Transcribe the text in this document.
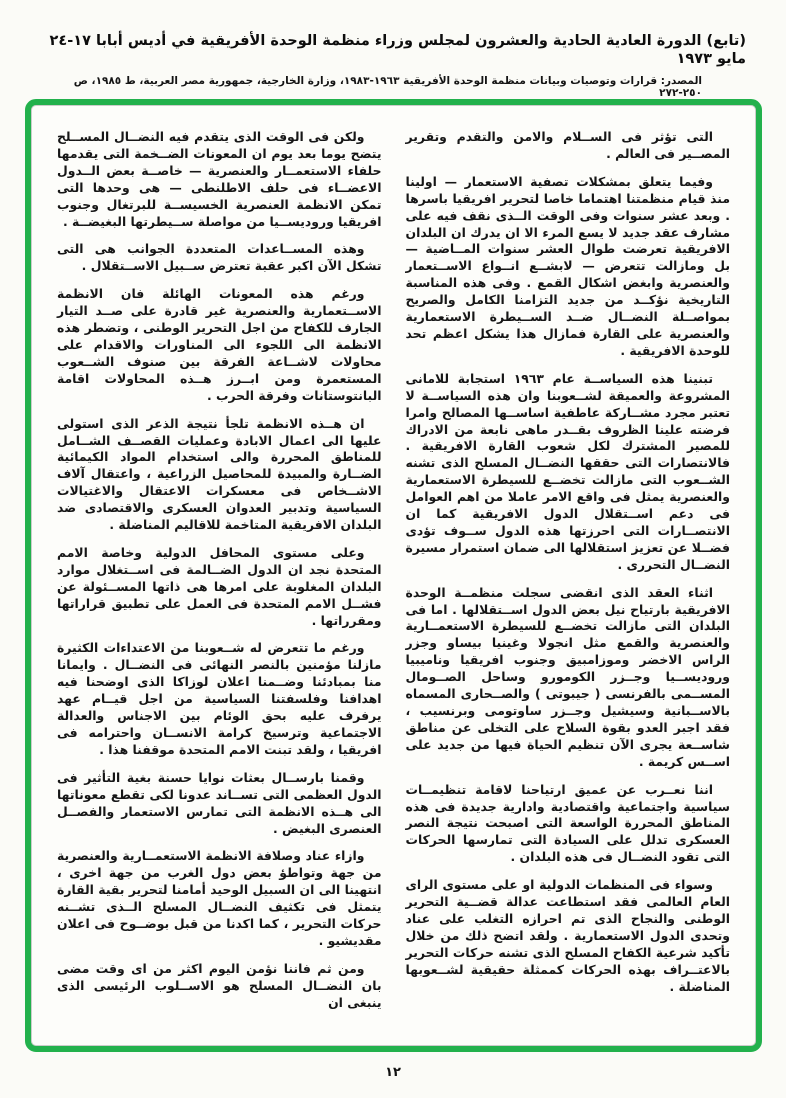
(تابع) الدورة العادية الحادية والعشرون لمجلس وزراء منظمة الوحدة الأفريقية في أديس أبابا ١٧-٢٤ مايو ١٩٧٣
المصدر: قرارات وتوصيات وبيانات منظمة الوحدة الأفريقية ١٩٦٣-١٩٨٣، وزارة الخارجية، جمهورية مصر العربية، ط ١٩٨٥، ص ٢٥٠-٢٧٢

التى تؤثر فى الســلام والامن والتقدم وتقرير المصــير فى العالم .

وفيما يتعلق بمشكلات تصفية الاستعمار — اولينا منذ قيام منظمتنا اهتماما خاصا لتحرير افريقيا باسرها . وبعد عشر سنوات وفى الوقت الــذى نقف فيه على مشارف عقد جديد لا يسع المرء الا ان يدرك ان البلدان الافريقية تعرضت طوال العشر سنوات المــاضية — بل ومازالت تتعرض — لابشــع انــواع الاســتعمار والعنصرية وابغض اشكال القمع . وفى هذه المناسبة التاريخية نؤكــد من جديد التزامنا الكامل والصريح بمواصــلة النضــال ضــد الســيطرة الاستعمارية والعنصرية على القارة فمازال هذا يشكل اعظم تحد للوحدة الافريقية .

تبنينا هذه السياســة عام ١٩٦٣ استجابة للامانى المشروعة والعميقة لشــعوبنا وان هذه السياســة لا تعتبر مجرد مشــاركة عاطفية اساســها المصالح وامرا فرضته علينا الظروف بقــدر ماهى نابعة من الادراك للمصير المشترك لكل شعوب القارة الافريقية . فالانتصارات التى حققها النضــال المسلح الذى تشنه الشــعوب التى مازالت تخضــع للسيطرة الاستعمارية والعنصرية يمثل فى واقع الامر عاملا من اهم العوامل فى دعم اســتقلال الدول الافريقية كما ان الانتصــارات التى احرزتها هذه الدول ســوف تؤدى فضــلا عن تعزيز استقلالها الى ضمان استمرار مسيرة النضــال التحررى .

اثناء العقد الذى انقضى سجلت منظمــة الوحدة الافريقية بارتياح نيل بعض الدول اســتقلالها . اما فى البلدان التى مازالت تخضــع للسيطرة الاستعمــارية والعنصرية والقمع مثل انجولا وغينيا بيساو وجزر الراس الاخضر وموزامبيق وجنوب افريقيا وناميبيا وروديســيا وجــزر الكومورو وساحل الصــومال المســمى بالفرنسى ( جيبوتى ) والصــحارى المسماه بالاســبانية وسيشيل وجــزر ساوتومى وبرنسيب ، فقد اجبر العدو بقوة السلاح على التخلى عن مناطق شاســعة يجرى الآن تنظيم الحياة فيها من جديد على اســس كريمة .

اننا نعــرب عن عميق ارتياحنا لاقامة تنظيمــات سياسية واجتماعية واقتصادية وادارية جديدة فى هذه المناطق المحررة الواسعة التى اصبحت نتيجة النصر العسكرى تدلل على السيادة التى تمارسها الحركات التى تقود النضــال فى هذه البلدان .

وسواء فى المنظمات الدولية او على مستوى الراى العام العالمى فقد استطاعت عدالة قضــية التحرير الوطنى والنجاح الذى تم احرازه التغلب على عناد وتحدى الدول الاستعمارية . ولقد اتضح ذلك من خلال تأكيد شرعية الكفاح المسلح الذى تشنه حركات التحرير بالاعتــراف بهذه الحركات كممثلة حقيقية لشــعوبها المناضلة .

ولكن فى الوقت الذى يتقدم فيه النضــال المســلح يتضح يوما بعد يوم ان المعونات الضــخمة التى يقدمها حلفاء الاستعمــار والعنصرية — خاصــة بعض الــدول الاعضــاء فى حلف الاطلنطى — هى وحدها التى تمكن الانظمة العنصرية الخسيســة للبرتغال وجنوب افريقيا وروديســيا من مواصلة ســيطرتها البغيضــة .

وهذه المســاعدات المتعددة الجوانب هى التى تشكل الآن اكبر عقبة تعترض ســبيل الاســتقلال .

ورغم هذه المعونات الهائلة فان الانظمة الاســتعمارية والعنصرية غير قادرة على صــد التيار الجارف للكفاح من اجل التحرير الوطنى ، وتضطر هذه الانظمة الى اللجوء الى المناورات والاقدام على محاولات لاشــاعة الفرقة بين صنوف الشــعوب المستعمرة ومن ابــرز هــذه المحاولات اقامة البانتوستانات وفرقة الحرب .

ان هــذه الانظمة تلجأ نتيجة الذعر الذى استولى عليها الى اعمال الابادة وعمليات القصــف الشــامل للمناطق المحررة والى استخدام المواد الكيمائية الضــارة والمبيدة للمحاصيل الزراعية ، واعتقال آلاف الاشــخاص فى معسكرات الاعتقال والاغتيالات السياسية وتدبير العدوان العسكرى والاقتصادى ضد البلدان الافريقية المتاخمة للاقاليم المناضلة .

وعلى مستوى المحافل الدولية وخاصة الامم المتحدة نجد ان الدول الضــالمة فى اســتغلال موارد البلدان المغلوبة على امرها هى ذاتها المســئولة عن فشــل الامم المتحدة فى العمل على تطبيق قراراتها ومقرراتها .

ورغم ما تتعرض له شــعوبنا من الاعتداءات الكثيرة مازلنا مؤمنين بالنصر النهائى فى النضــال . وايمانا منا بمبادئنا وضــمنا اعلان لوزاكا الذى اوضحنا فيه اهدافنا وفلسفتنا السياسية من اجل قيــام عهد يرفرف عليه بحق الوئام بين الاجناس والعدالة الاجتماعية وترسيخ كرامة الانســان واحترامه فى افريقيا ، ولقد تبنت الامم المتحدة موقفنا هذا .

وقمنا بارســال بعثات نوايا حسنة بغية التأثير فى الدول العظمى التى تســاند عدونا لكى تقطع معوناتها الى هــذه الانظمة التى تمارس الاستعمار والفصــل العنصرى البغيض .

وازاء عناد وصلافة الانظمة الاستعمــارية والعنصرية من جهة وتواطؤ بعض دول الغرب من جهة اخرى ، انتهينا الى ان السبيل الوحيد أمامنا لتحرير بقية القارة يتمثل فى تكثيف النضــال المسلح الــذى تشــنه حركات التحرير ، كما اكدنا من قبل بوضــوح فى اعلان مقديشيو .

ومن ثم فاننا نؤمن اليوم اكثر من اى وقت مضى بان النضــال المسلح هو الاســلوب الرئيسى الذى ينبغى ان

١٢
